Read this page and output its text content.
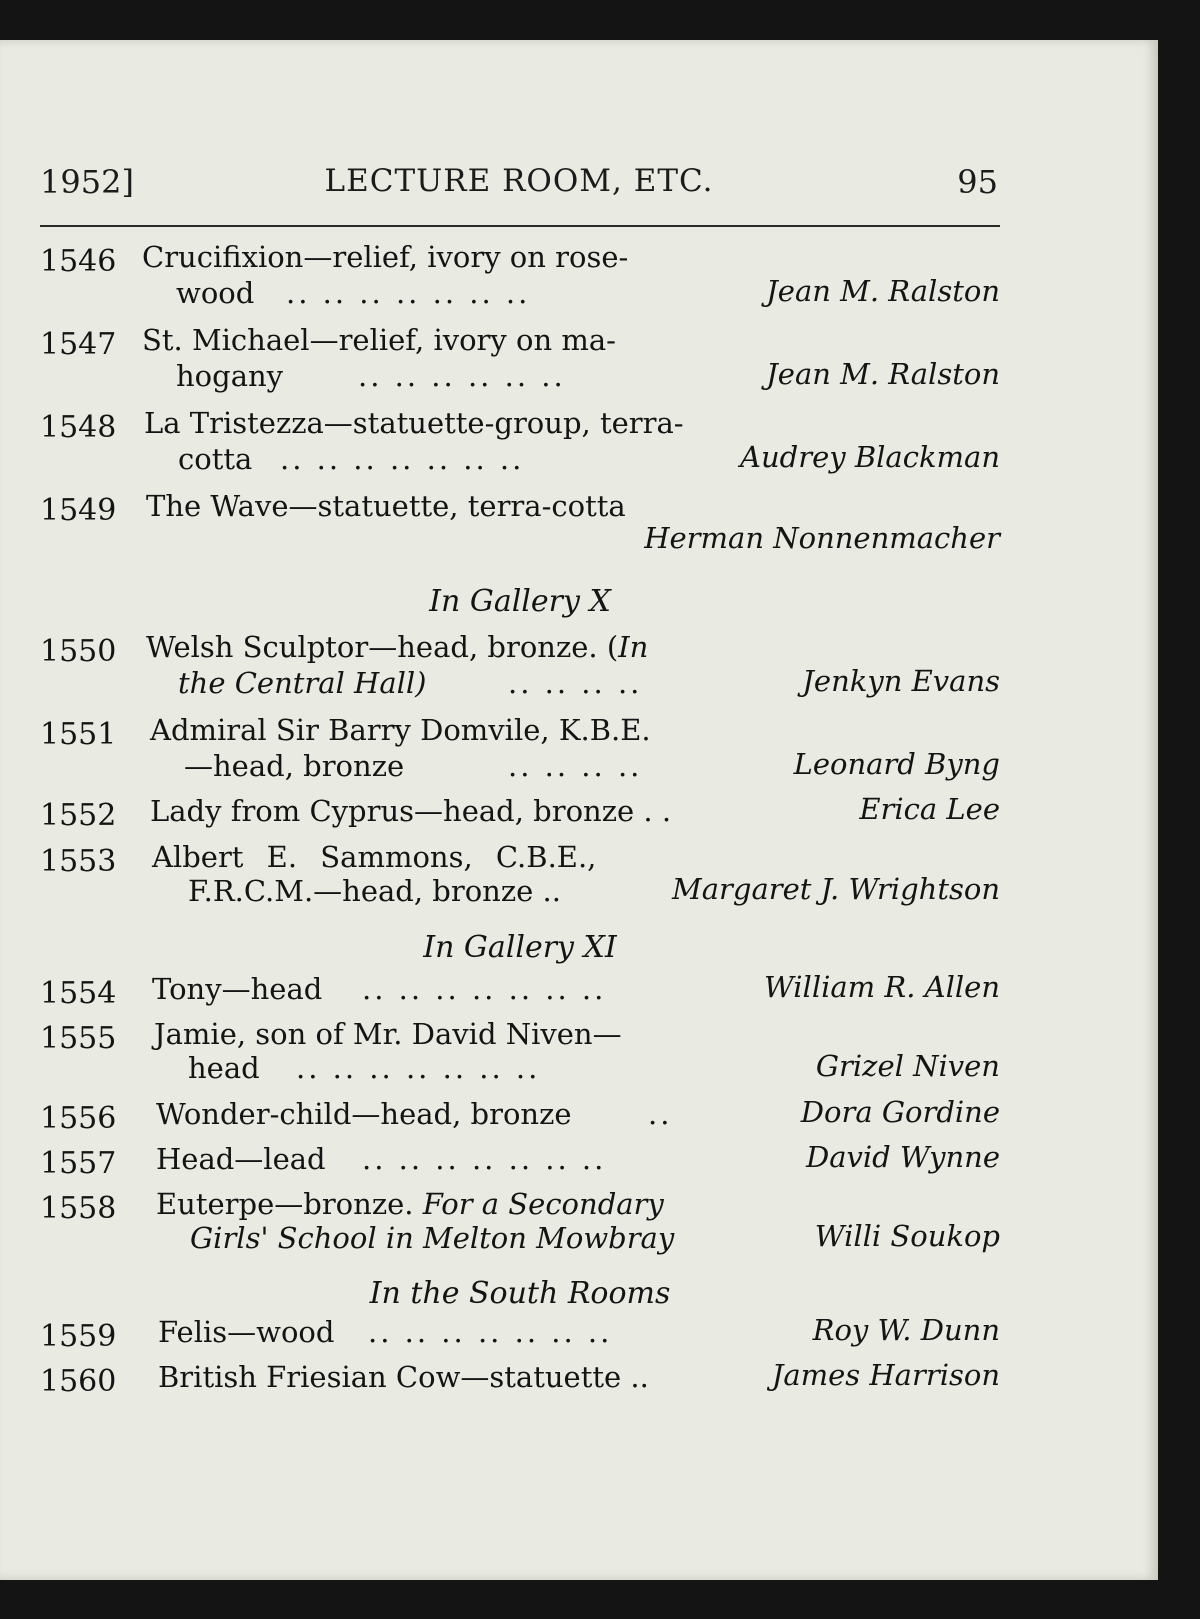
1952]	LECTURE ROOM, ETC.	95
1546 Crucifixion—relief, ivory on rose-
wood .. .. .. .. .. .. ..	Jean M. Ralston
1547 St. Michael—relief, ivory on ma-
hogany	.. .. .. .. .. ..	Jean M. Ralston
1548 La Tristezza—statuette-group, terra-
cotta .. .. .. .. .. .. ..	Audrey Blackman
1549 The Wave—statuette, terra-cotta
Herman Nonnenmacher
In Gallery X
1550 Welsh Sculptor—head, bronze. (In
the Central Hall)	.. .. .. ..	Jenkyn Evans
1551 Admiral Sir Barry Domvile, K.B.E.
—head, bronze	.. .. .. ..	Leonard Byng
1552 Lady from Cyprus—head, bronze . .	Erica Lee
1553 Albert E. Sammons, C.B.E.,
F.R.C.M.—head, bronze ..	Margaret J. Wrightson
In Gallery XI
1554 Tony—head .. .. .. .. .. .. ..	William R. Allen
1555 Jamie, son of Mr. David Niven—
head .. .. .. .. .. .. ..	Grizel Niven
1556 Wonder-child—head, bronze	..	Dora Gordine
1557 Head—lead .. .. .. .. .. .. ..	David Wynne
1558 Euterpe—bronze. For a Secondary
Girls' School in Melton Mowbray	Willi Soukop
In the South Rooms
1559 Felis—wood .. .. .. .. .. .. ..	Roy W. Dunn
1560 British Friesian Cow—statuette ..	James Harrison
